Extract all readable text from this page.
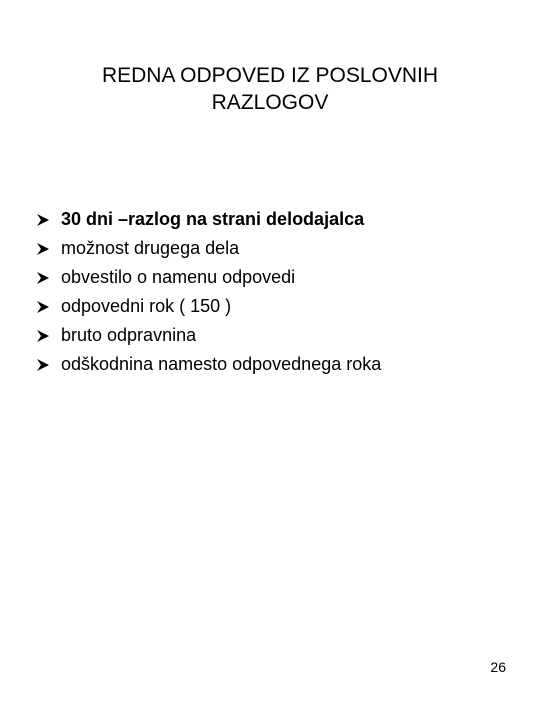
REDNA ODPOVED IZ POSLOVNIH
RAZLOGOV
30 dni –razlog na strani delodajalca
možnost drugega dela
obvestilo o namenu odpovedi
odpovedni rok ( 150 )
bruto odpravnina
odškodnina namesto odpovednega roka
26
